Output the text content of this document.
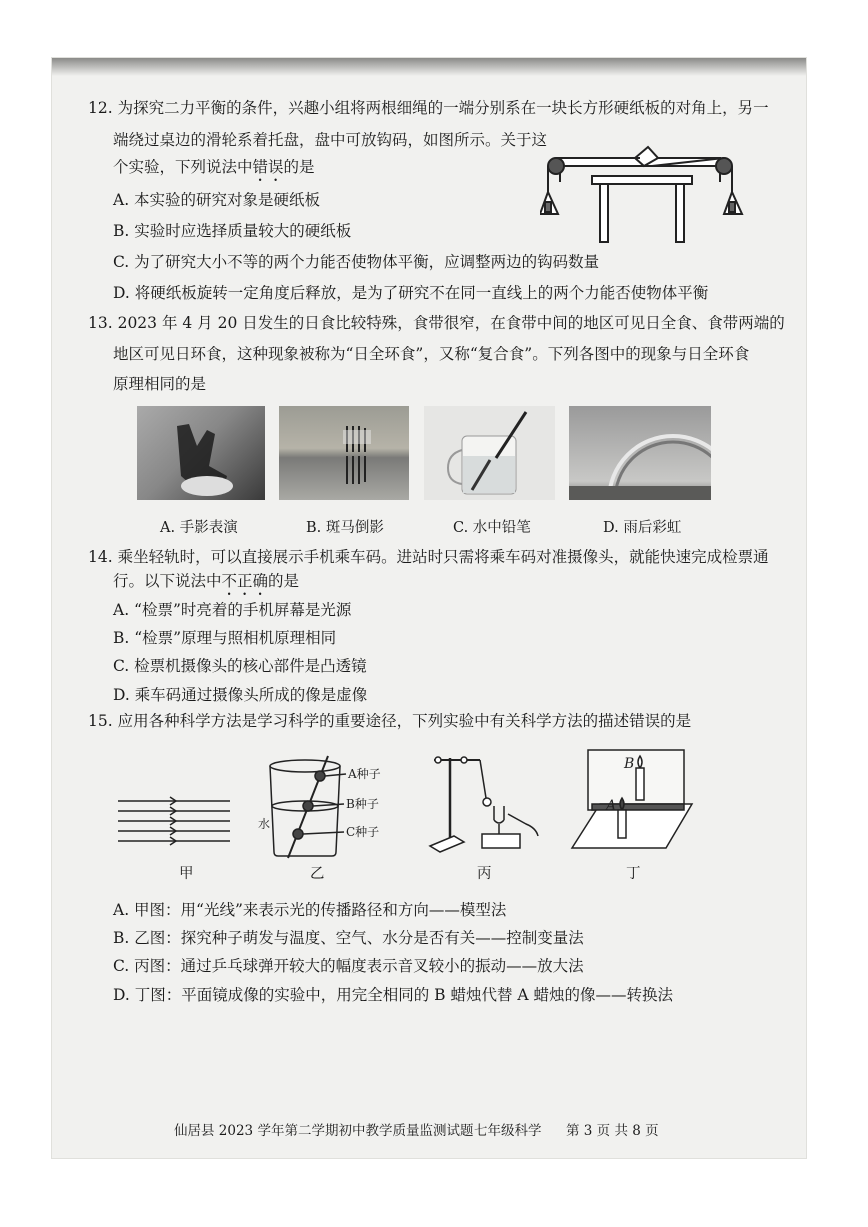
12. 为探究二力平衡的条件，兴趣小组将两根细绳的一端分别系在一块长方形硬纸板的对角上，另一
端绕过桌边的滑轮系着托盘，盘中可放钩码，如图所示。关于这
个实验，下列说法中错误的是
A. 本实验的研究对象是硬纸板
B. 实验时应选择质量较大的硬纸板
C. 为了研究大小不等的两个力能否使物体平衡，应调整两边的钩码数量
D. 将硬纸板旋转一定角度后释放，是为了研究不在同一直线上的两个力能否使物体平衡
13. 2023 年 4 月 20 日发生的日食比较特殊，食带很窄，在食带中间的地区可见日全食、食带两端的
地区可见日环食，这种现象被称为“日全环食”，又称“复合食”。下列各图中的现象与日全环食
原理相同的是
A. 手影表演	B. 斑马倒影	C. 水中铅笔	D. 雨后彩虹
14. 乘坐轻轨时，可以直接展示手机乘车码。进站时只需将乘车码对准摄像头，就能快速完成检票通
行。以下说法中不正确的是
A. “检票”时亮着的手机屏幕是光源
B. “检票”原理与照相机原理相同
C. 检票机摄像头的核心部件是凸透镜
D. 乘车码通过摄像头所成的像是虚像
15. 应用各种科学方法是学习科学的重要途径，下列实验中有关科学方法的描述错误的是
A种子
B种子
C种子
水
B
A
甲	乙	丙	丁
A. 甲图：用“光线”来表示光的传播路径和方向——模型法
B. 乙图：探究种子萌发与温度、空气、水分是否有关——控制变量法
C. 丙图：通过乒乓球弹开较大的幅度表示音叉较小的振动——放大法
D. 丁图：平面镜成像的实验中，用完全相同的 B 蜡烛代替 A 蜡烛的像——转换法
仙居县 2023 学年第二学期初中教学质量监测试题 七年级科学 第 3 页 共 8 页
